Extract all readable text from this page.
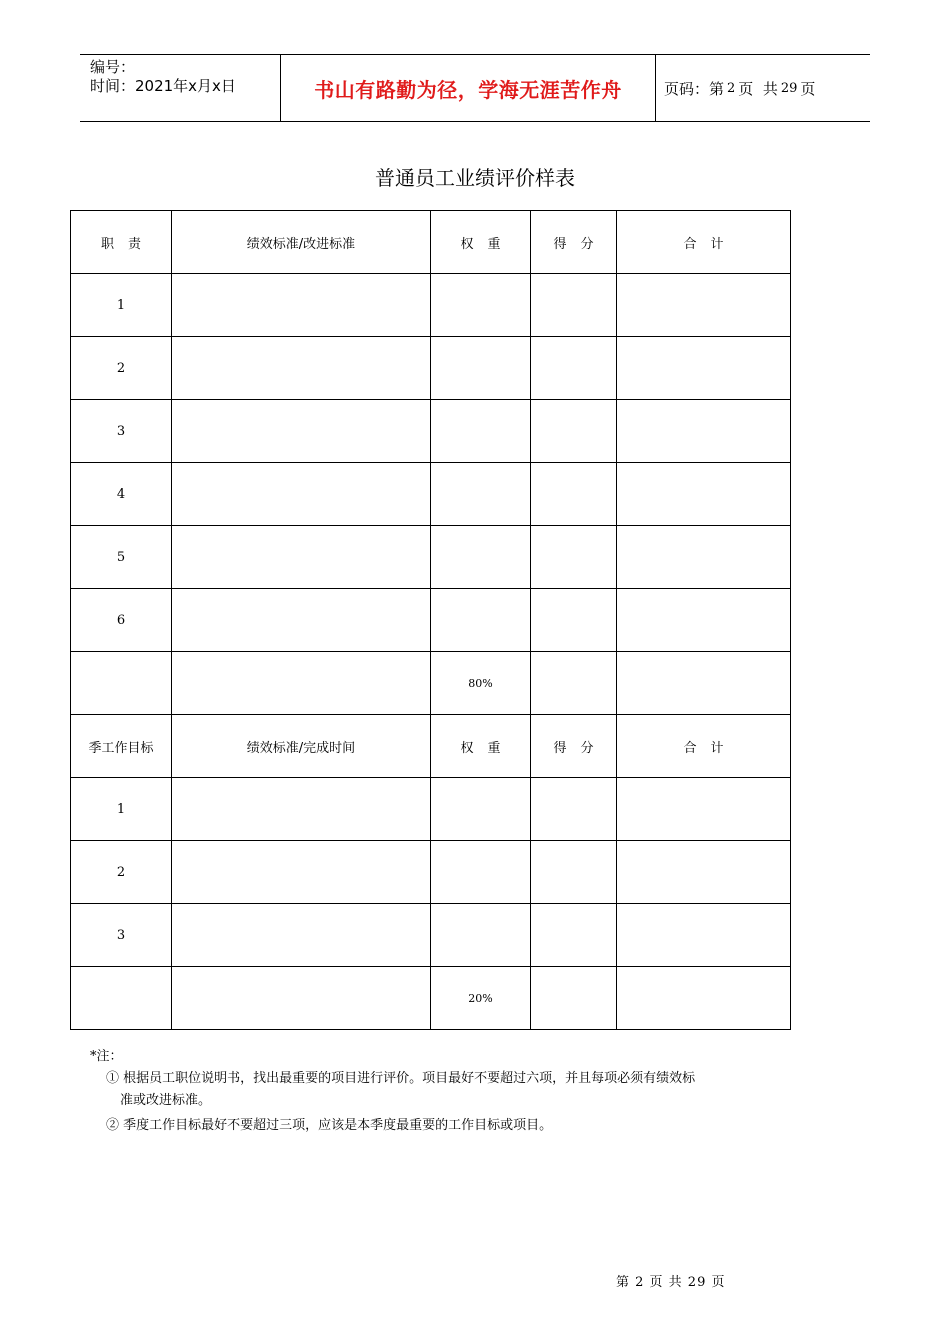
编号：
时间：2021年x月x日	书山有路勤为径，学海无涯苦作舟	页码：第 2 页  共 29 页
普通员工业绩评价样表
职责	绩效标准/改进标准	权重	得分	合计
1				
2				
3				
4				
5				
6				
		80%		
季工作目标	绩效标准/完成时间	权重	得分	合计
1				
2				
3				
		20%		
*注：
① 根据员工职位说明书，找出最重要的项目进行评价。项目最好不要超过六项，并且每项必须有绩效标
准或改进标准。
② 季度工作目标最好不要超过三项，应该是本季度最重要的工作目标或项目。
第 2 页 共 29 页
